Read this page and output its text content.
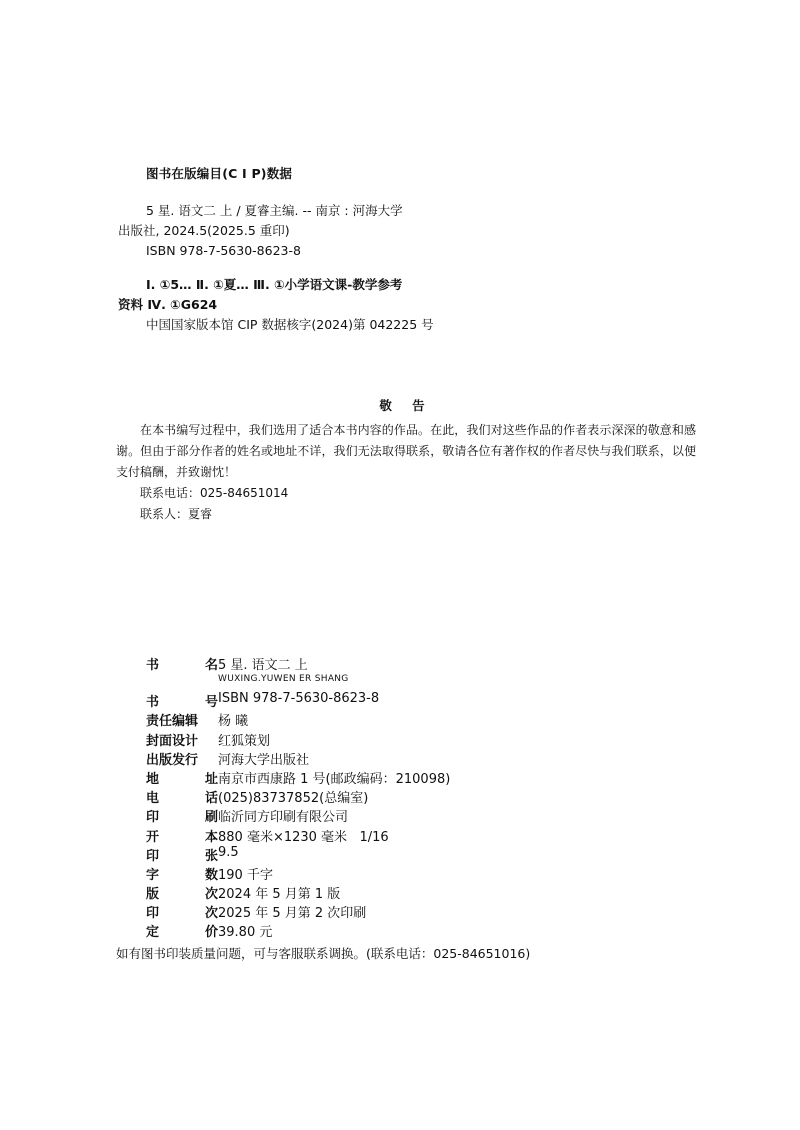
图书在版编目(C I P)数据

5 星. 语文二 上 / 夏睿主编. -- 南京 : 河海大学

出版社, 2024.5(2025.5 重印)

ISBN 978-7-5630-8623-8

Ⅰ. ①5… Ⅱ. ①夏… Ⅲ. ①小学语文课-教学参考

资料 Ⅳ. ①G624

中国国家版本馆 CIP 数据核字(2024)第 042225 号

敬 告

在本书编写过程中，我们选用了适合本书内容的作品。在此，我们对这些作品的作者表示深深的敬意和感谢。但由于部分作者的姓名或地址不详，我们无法取得联系，敬请各位有著作权的作者尽快与我们联系，以便支付稿酬，并致谢忱！

联系电话：025-84651014

联系人：夏睿

书	名 5 星. 语文二 上
WUXING.YUWEN ER SHANG
书	号 ISBN 978-7-5630-8623-8
责任编辑 杨 曦
封面设计 红狐策划
出版发行 河海大学出版社
地	址 南京市西康路 1 号(邮政编码：210098)
电	话 (025)83737852(总编室)
印	刷 临沂同方印刷有限公司
开	本 880 毫米×1230 毫米   1/16
印	张 9.5
字	数 190 千字
版	次 2024 年 5 月第 1 版
印	次 2025 年 5 月第 2 次印刷
定	价 39.80 元
如有图书印装质量问题，可与客服联系调换。(联系电话：025-84651016)
